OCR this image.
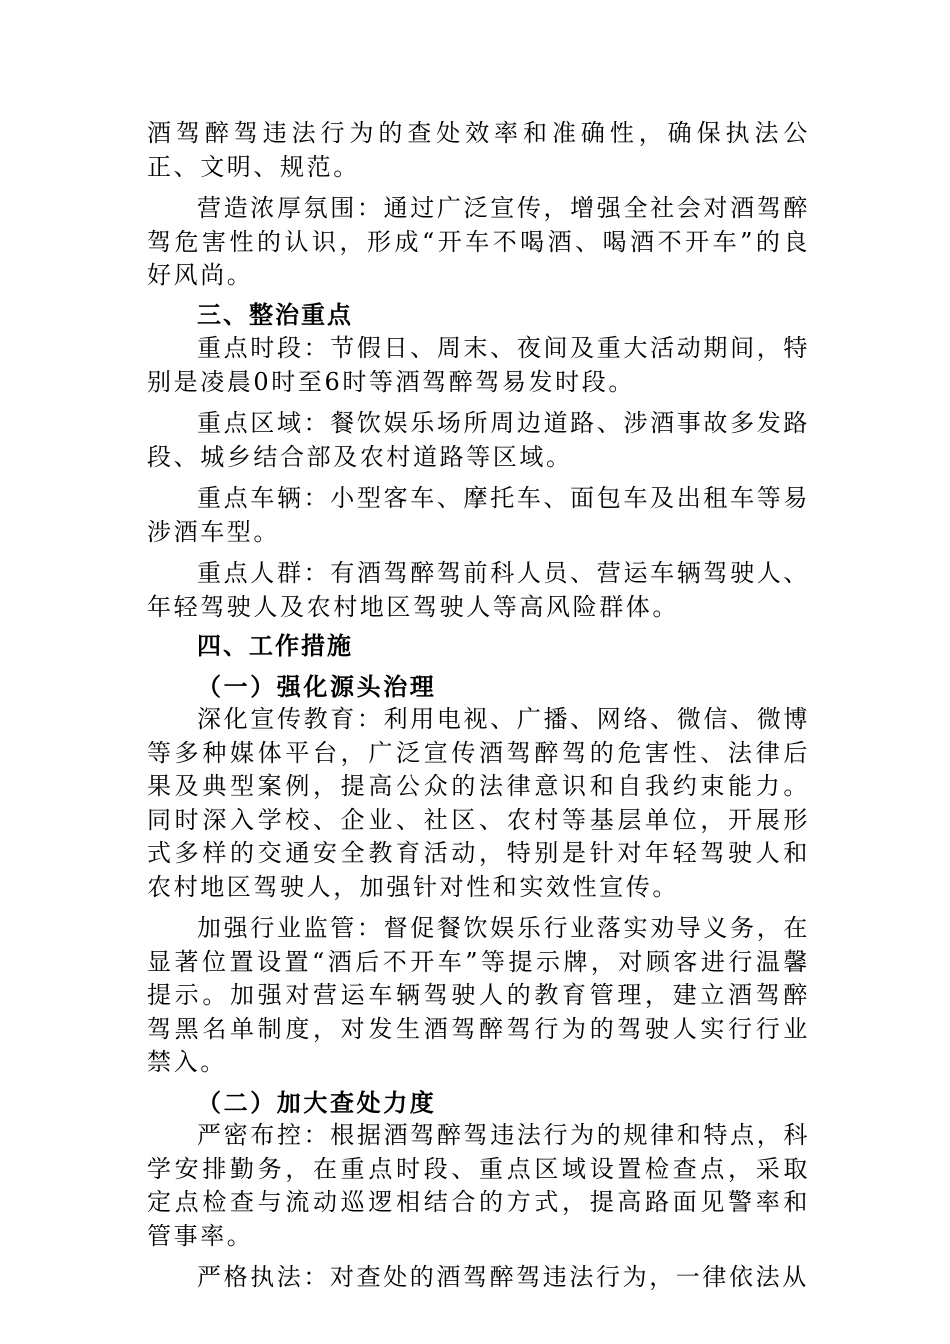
酒驾醉驾违法行为的查处效率和准确性，确保执法公正、文明、规范。

营造浓厚氛围：通过广泛宣传，增强全社会对酒驾醉驾危害性的认识，形成“开车不喝酒、喝酒不开车”的良好风尚。

三、整治重点

重点时段：节假日、周末、夜间及重大活动期间，特别是凌晨0时至6时等酒驾醉驾易发时段。

重点区域：餐饮娱乐场所周边道路、涉酒事故多发路段、城乡结合部及农村道路等区域。

重点车辆：小型客车、摩托车、面包车及出租车等易涉酒车型。

重点人群：有酒驾醉驾前科人员、营运车辆驾驶人、年轻驾驶人及农村地区驾驶人等高风险群体。

四、工作措施
（一）强化源头治理

深化宣传教育：利用电视、广播、网络、微信、微博等多种媒体平台，广泛宣传酒驾醉驾的危害性、法律后果及典型案例，提高公众的法律意识和自我约束能力。同时深入学校、企业、社区、农村等基层单位，开展形式多样的交通安全教育活动，特别是针对年轻驾驶人和农村地区驾驶人，加强针对性和实效性宣传。

加强行业监管：督促餐饮娱乐行业落实劝导义务，在显著位置设置“酒后不开车”等提示牌，对顾客进行温馨提示。加强对营运车辆驾驶人的教育管理，建立酒驾醉驾黑名单制度，对发生酒驾醉驾行为的驾驶人实行行业禁入。

（二）加大查处力度

严密布控：根据酒驾醉驾违法行为的规律和特点，科学安排勤务，在重点时段、重点区域设置检查点，采取定点检查与流动巡逻相结合的方式，提高路面见警率和管事率。

严格执法：对查处的酒驾醉驾违法行为，一律依法从
